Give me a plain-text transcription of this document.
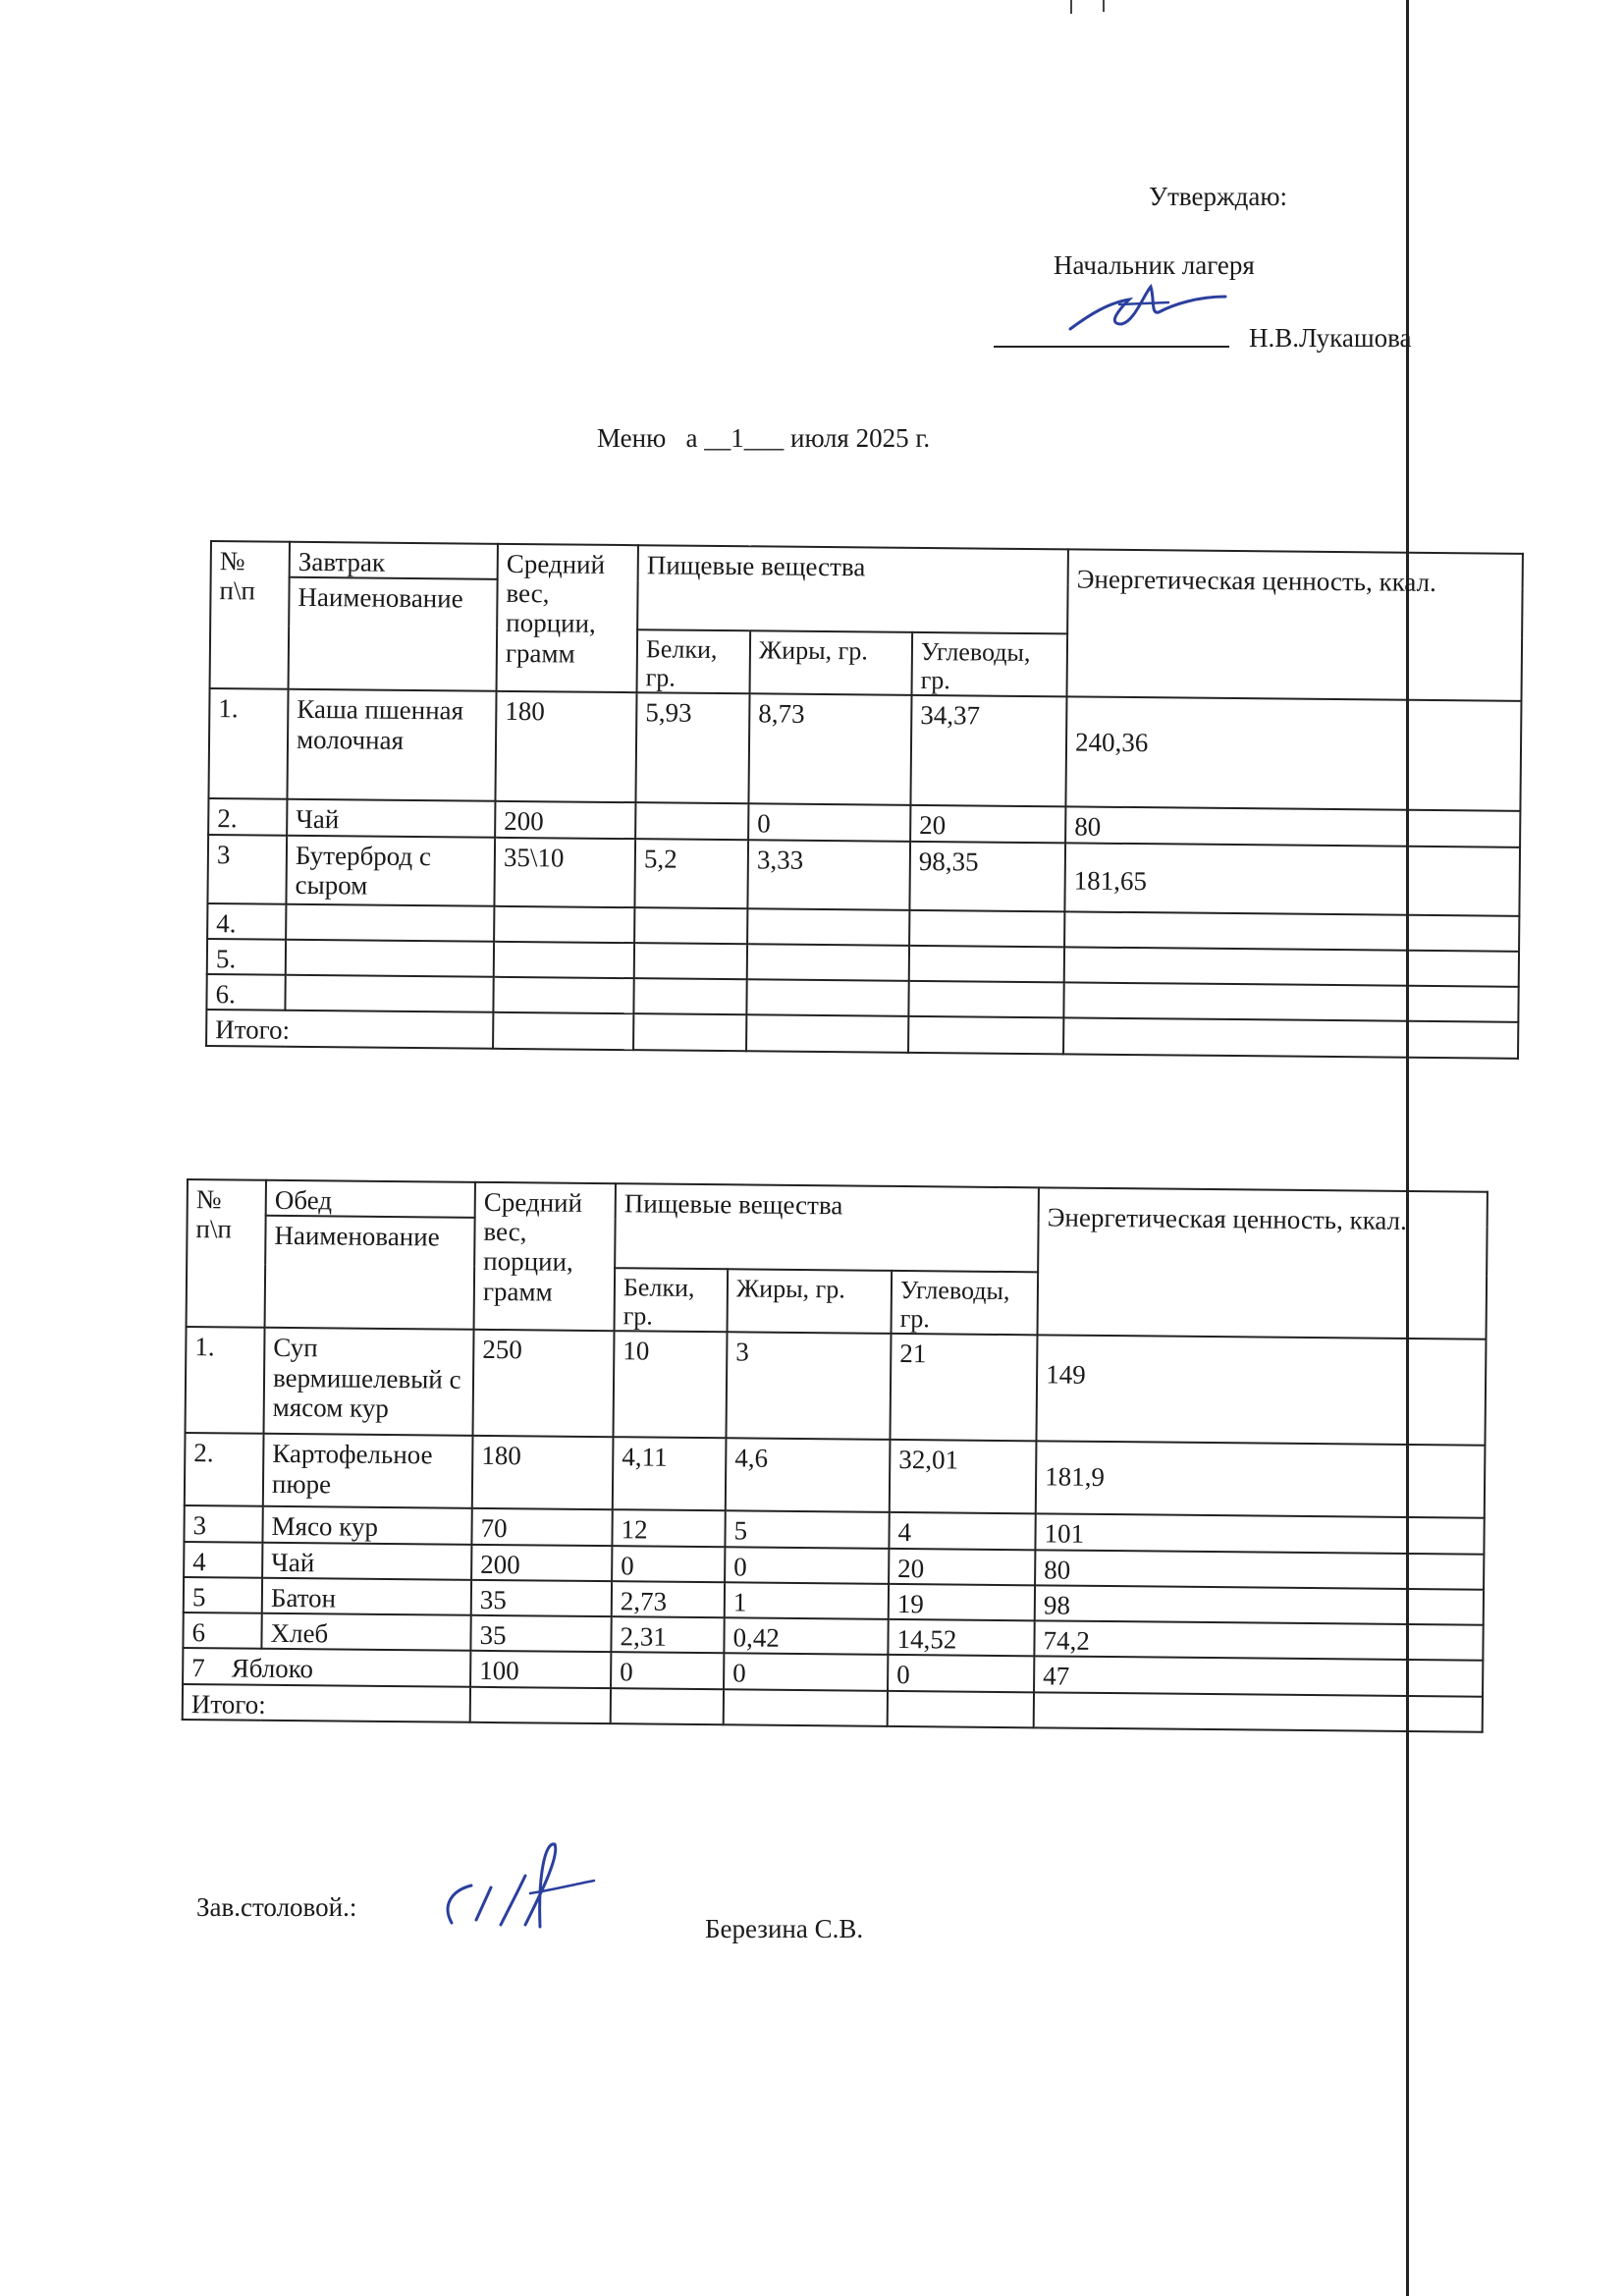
Утверждаю:
Начальник лагеря
Н.В.Лукашова
Меню а __1___ июля 2025 г.
№ п\п	Завтрак	Средний вес, порции, грамм	Пищевые вещества			Энергетическая ценность, ккал.
	Наименование					
			Белки, гр.	Жиры, гр.	Углеводы, гр.	
1.	Каша пшенная молочная	180	5,93	8,73	34,37	240,36
2.	Чай	200		0	20	80
3	Бутерброд с сыром	35\10	5,2	3,33	98,35	181,65
4.						
5.						
6.						
Итого:						
№ п\п	Обед	Средний вес, порции, грамм	Пищевые вещества			Энергетическая ценность, ккал.
	Наименование					
			Белки, гр.	Жиры, гр.	Углеводы, гр.	
1.	Суп вермишелевый с мясом кур	250	10	3	21	149
2.	Картофельное пюре	180	4,11	4,6	32,01	181,9
3	Мясо кур	70	12	5	4	101
4	Чай	200	0	0	20	80
5	Батон	35	2,73	1	19	98
6	Хлеб	35	2,31	0,42	14,52	74,2
7 Яблоко		100	0	0	0	47
Итого:						
Зав.столовой.:
Березина С.В.
